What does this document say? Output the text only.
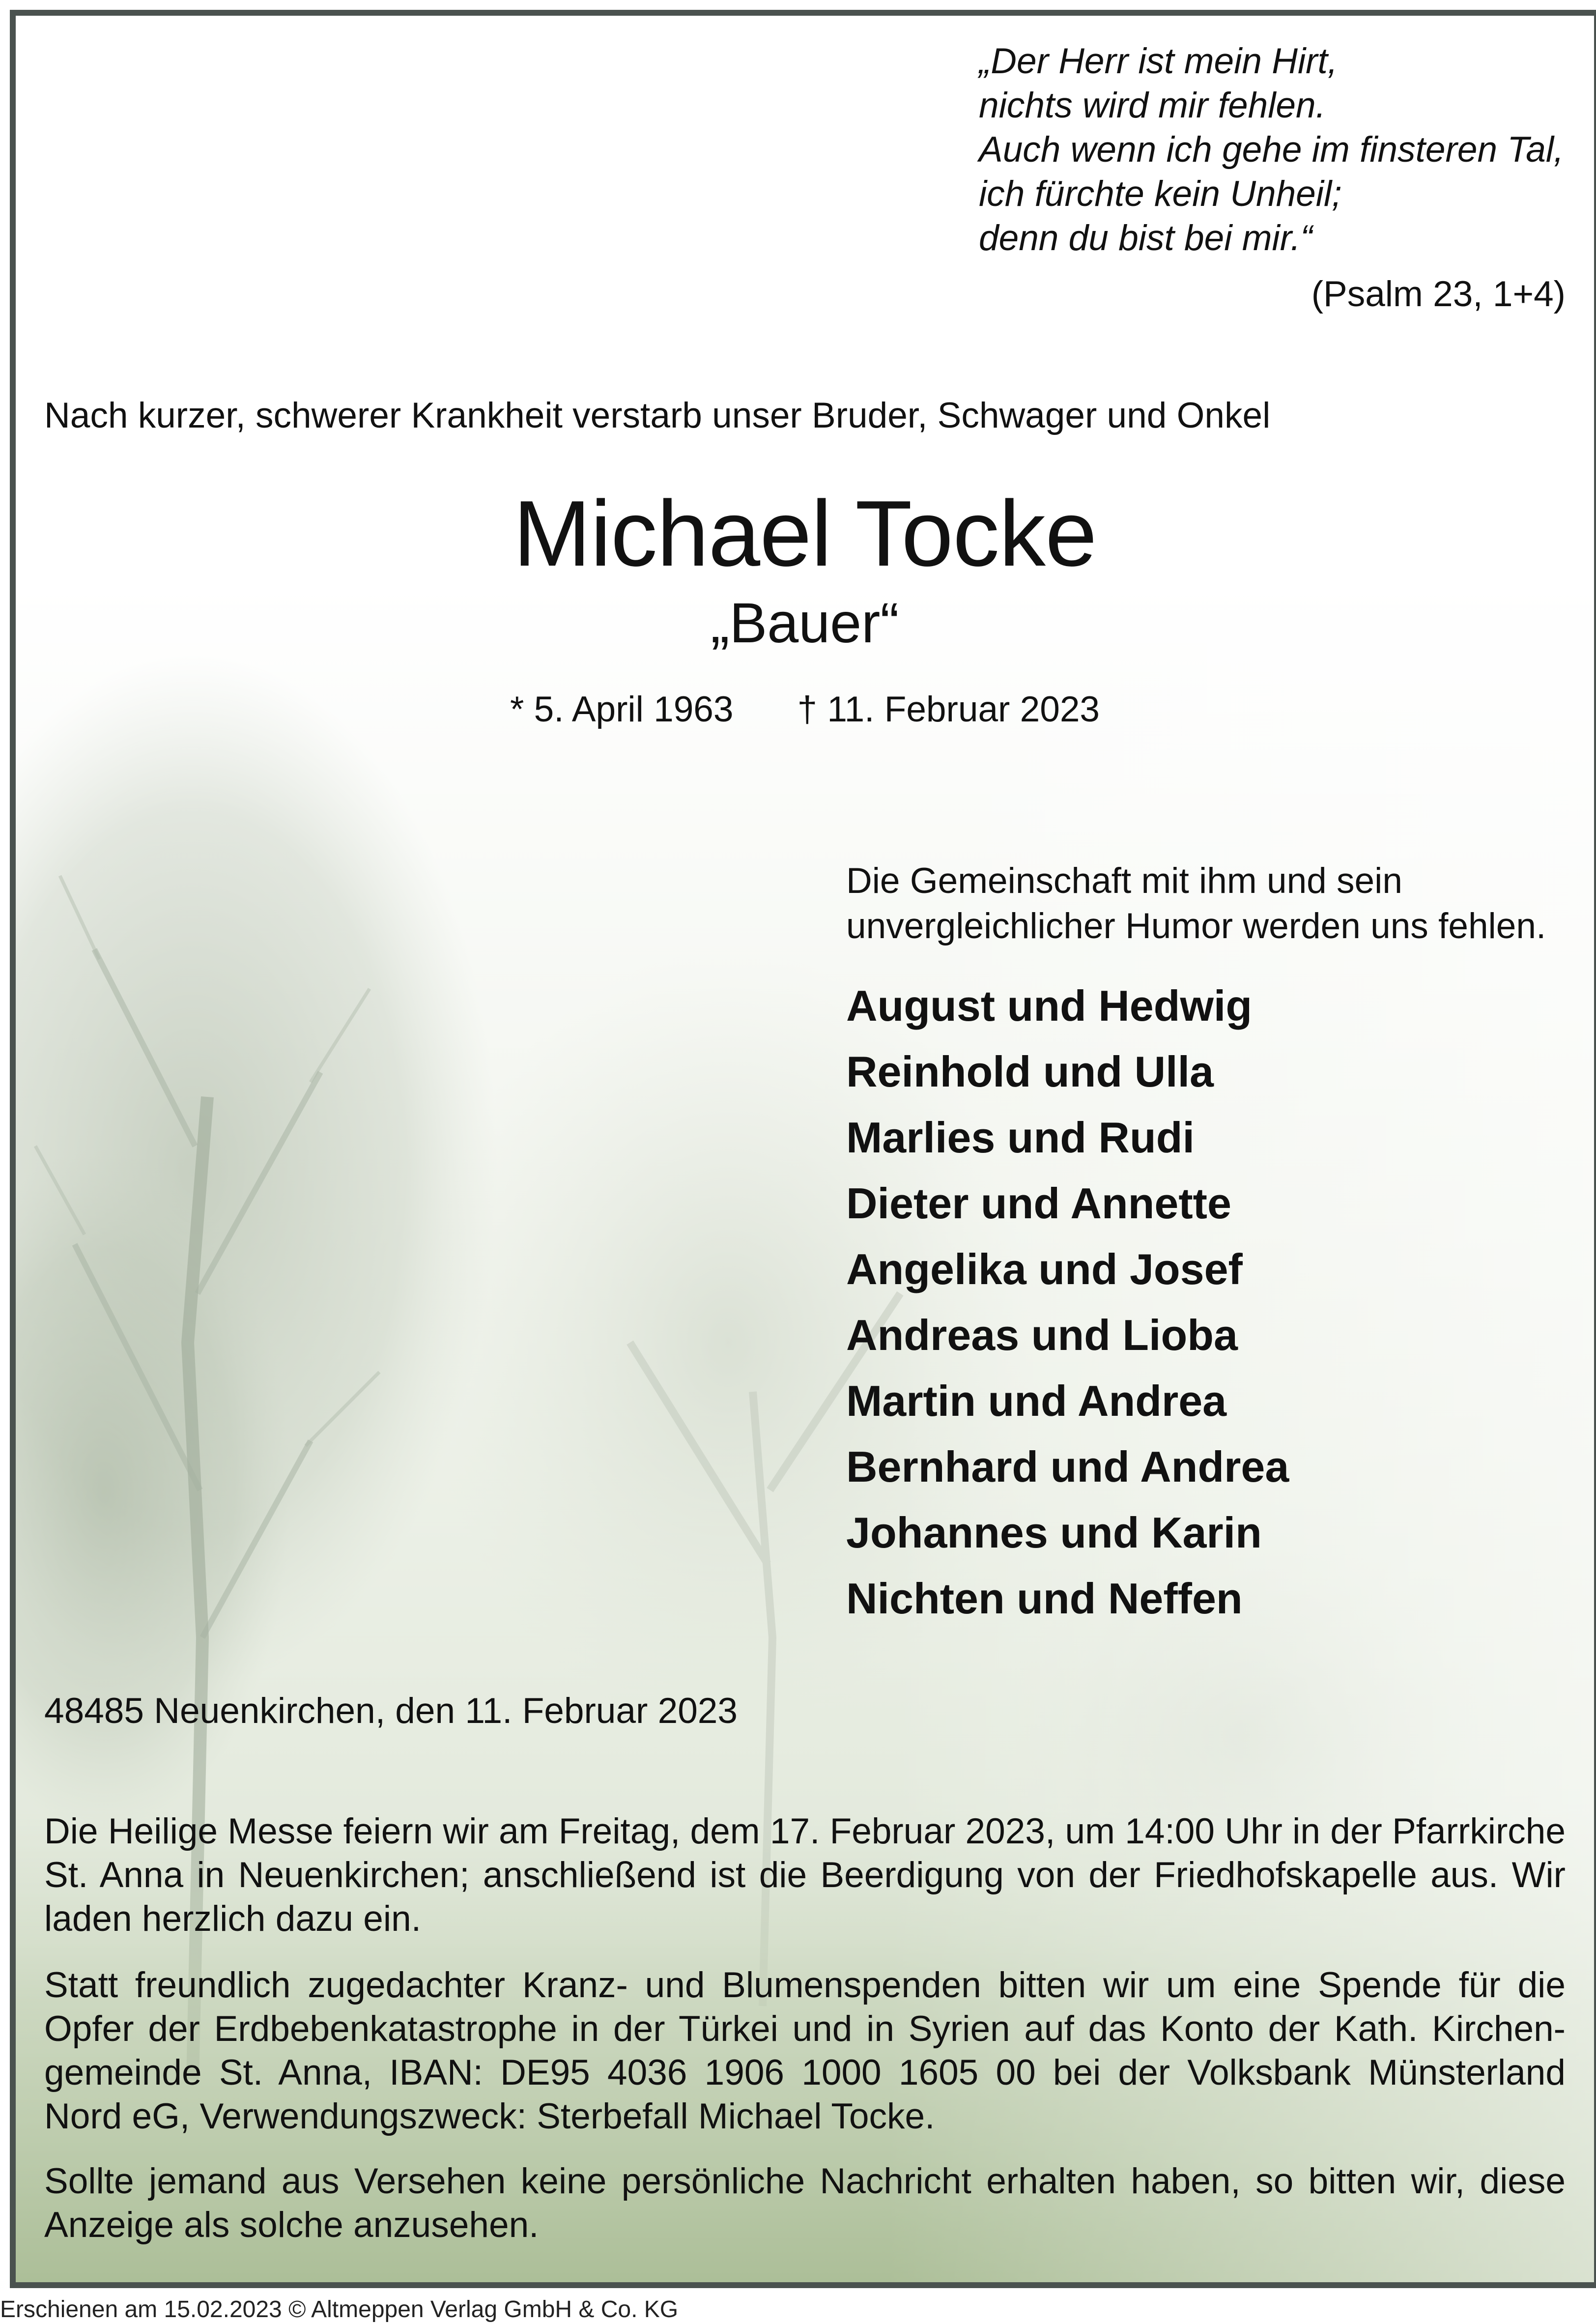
„Der Herr ist mein Hirt,
nichts wird mir fehlen.
Auch wenn ich gehe im finsteren Tal,
ich fürchte kein Unheil;
denn du bist bei mir.“
(Psalm 23, 1+4)
Nach kurzer, schwerer Krankheit verstarb unser Bruder, Schwager und Onkel
Michael Tocke
„Bauer“
* 5. April 1963 † 11. Februar 2023
Die Gemeinschaft mit ihm und sein
unvergleichlicher Humor werden uns fehlen.
August und Hedwig
Reinhold und Ulla
Marlies und Rudi
Dieter und Annette
Angelika und Josef
Andreas und Lioba
Martin und Andrea
Bernhard und Andrea
Johannes und Karin
Nichten und Neffen
48485 Neuenkirchen, den 11. Februar 2023
Die Heilige Messe feiern wir am Freitag, dem 17. Februar 2023, um 14:00 Uhr in der Pfarrkirche
St. Anna in Neuenkirchen; anschließend ist die Beerdigung von der Friedhofskapelle aus. Wir
laden herzlich dazu ein.
Statt freundlich zugedachter Kranz- und Blumenspenden bitten wir um eine Spende für die
Opfer der Erdbebenkatastrophe in der Türkei und in Syrien auf das Konto der Kath. Kirchen-
gemeinde St. Anna, IBAN: DE95 4036 1906 1000 1605 00 bei der Volksbank Münsterland
Nord eG, Verwendungszweck: Sterbefall Michael Tocke.
Sollte jemand aus Versehen keine persönliche Nachricht erhalten haben, so bitten wir, diese
Anzeige als solche anzusehen.
Erschienen am 15.02.2023 © Altmeppen Verlag GmbH & Co. KG
